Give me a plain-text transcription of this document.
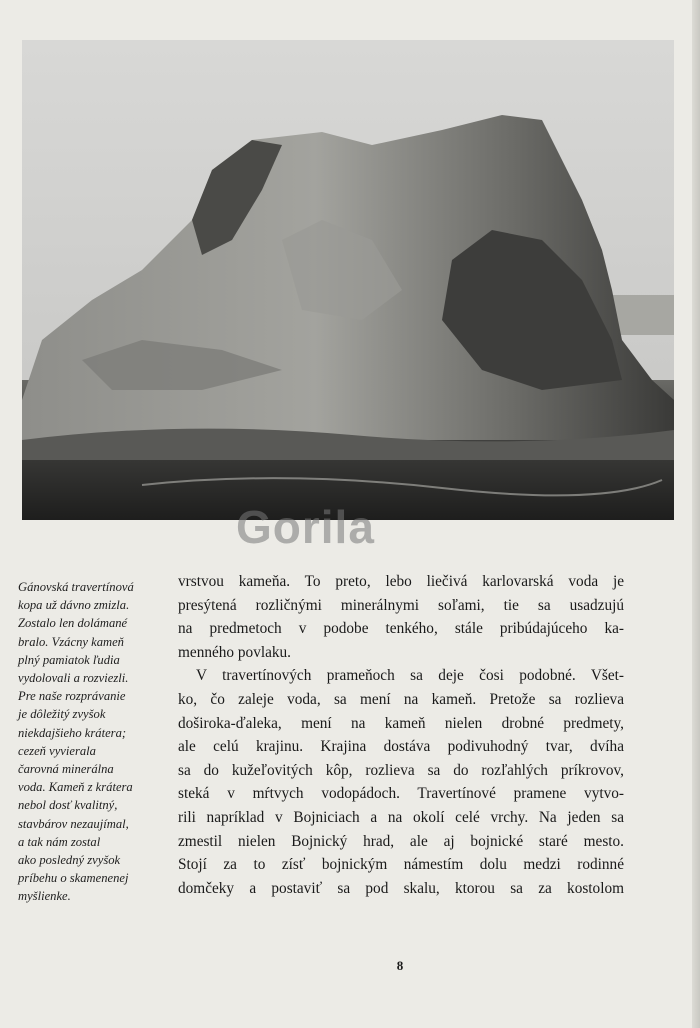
Gorila
Gánovská travertínová
kopa už dávno zmizla.
Zostalo len dolámané
bralo. Vzácny kameň
plný pamiatok ľudia
vydolovali a rozviezli.
Pre naše rozprávanie
je dôležitý zvyšok
niekdajšieho krátera;
cezeň vyvierala
čarovná minerálna
voda. Kameň z krátera
nebol dosť kvalitný,
stavbárov nezaujímal,
a tak nám zostal
ako posledný zvyšok
príbehu o skamenenej
myšlienke.
vrstvou kameňa. To preto, lebo liečivá karlovarská voda je
presýtená rozličnými minerálnymi soľami, tie sa usadzujú
na predmetoch v podobe tenkého, stále pribúdajúceho ka-
menného povlaku.
V travertínových prameňoch sa deje čosi podobné. Všet-
ko, čo zaleje voda, sa mení na kameň. Pretože sa rozlieva
doširoka-ďaleka, mení na kameň nielen drobné predmety,
ale celú krajinu. Krajina dostáva podivuhodný tvar, dvíha
sa do kužeľovitých kôp, rozlieva sa do rozľahlých príkrovov,
steká v mŕtvych vodopádoch. Travertínové pramene vytvo-
rili napríklad v Bojniciach a na okolí celé vrchy. Na jeden sa
zmestil nielen Bojnický hrad, ale aj bojnické staré mesto.
Stojí za to zísť bojnickým námestím dolu medzi rodinné
domčeky a postaviť sa pod skalu, ktorou sa za kostolom
8
